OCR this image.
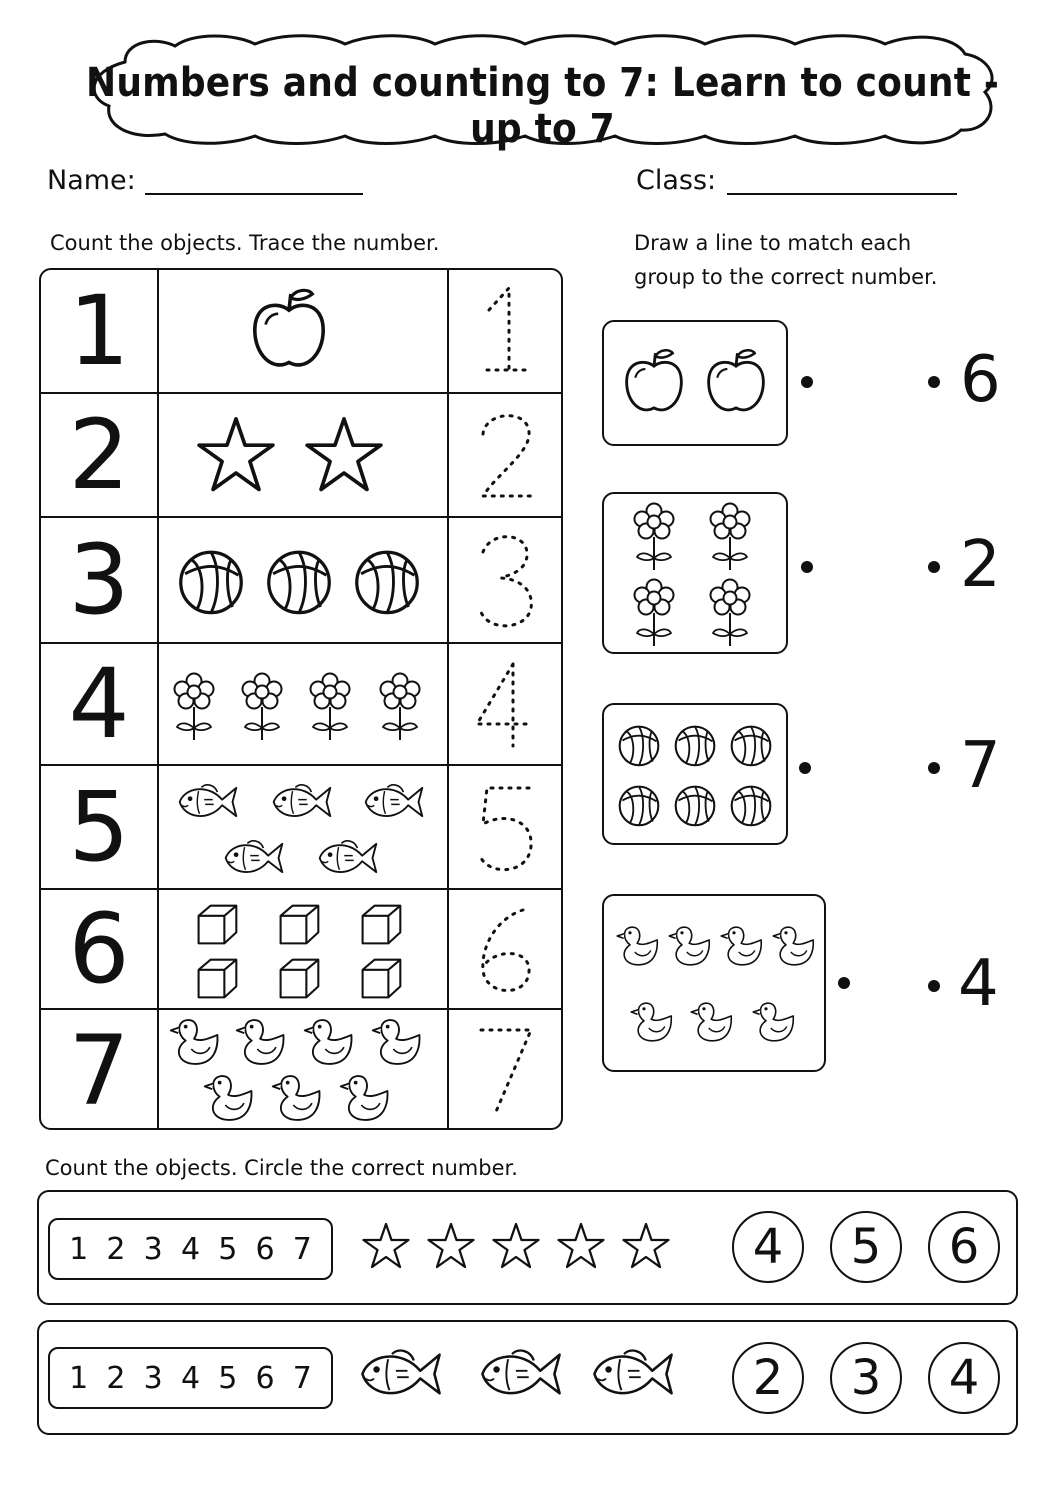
Numbers and counting to 7: Learn to count - up to 7
Name:	Class:
Count the objects. Trace the number.
1
2
3
4
5
6
7
Draw a line to match each
group to the correct number.
6
2
7
4
Count the objects. Circle the correct number.
1 2 3 4 5 6 7	4	5	6
1 2 3 4 5 6 7	2	3	4
